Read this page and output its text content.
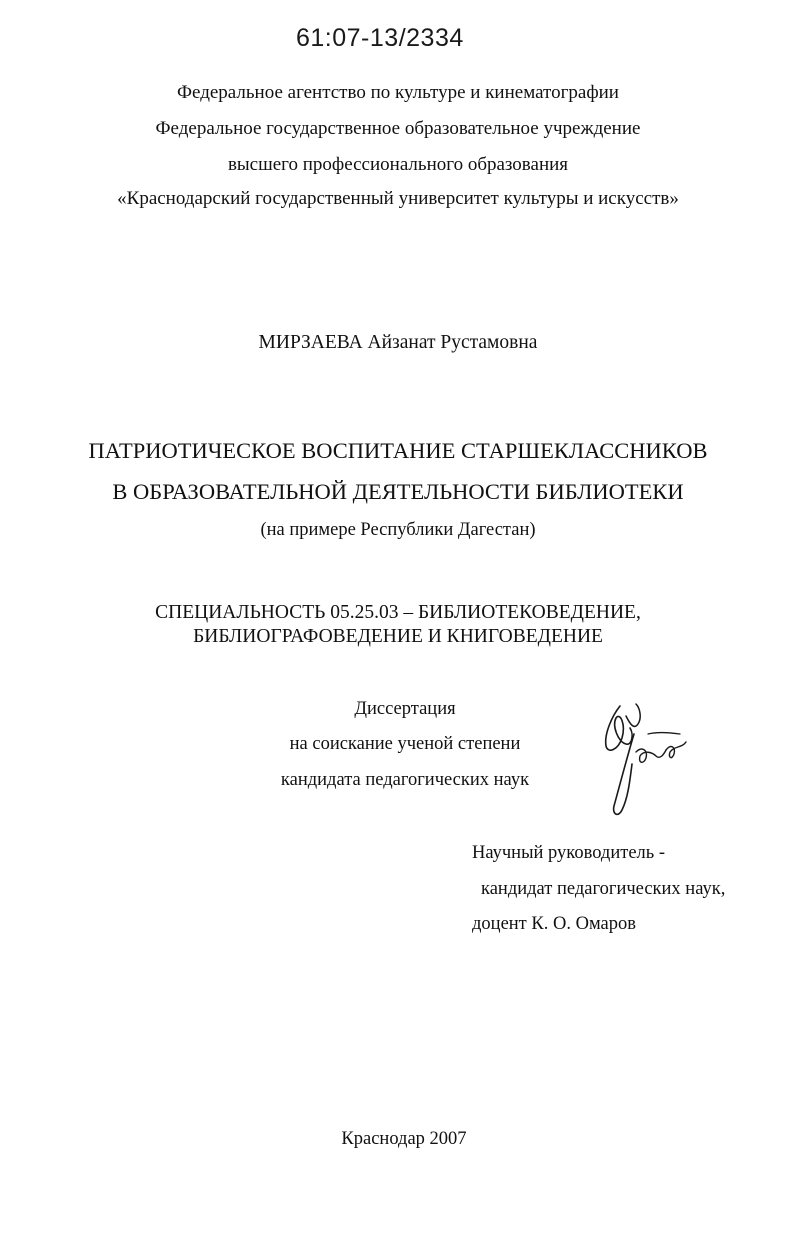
61:07-13/2334
Федеральное агентство по культуре и кинематографии
Федеральное государственное образовательное учреждение
высшего профессионального образования
«Краснодарский государственный университет культуры и искусств»
МИРЗАЕВА Айзанат Рустамовна
ПАТРИОТИЧЕСКОЕ ВОСПИТАНИЕ СТАРШЕКЛАССНИКОВ
В ОБРАЗОВАТЕЛЬНОЙ ДЕЯТЕЛЬНОСТИ БИБЛИОТЕКИ
(на примере Республики Дагестан)
СПЕЦИАЛЬНОСТЬ 05.25.03 – БИБЛИОТЕКОВЕДЕНИЕ,
БИБЛИОГРАФОВЕДЕНИЕ И КНИГОВЕДЕНИЕ
Диссертация
на соискание ученой степени
кандидата педагогических наук
Научный руководитель -
кандидат педагогических наук,
доцент К. О. Омаров
Краснодар 2007
